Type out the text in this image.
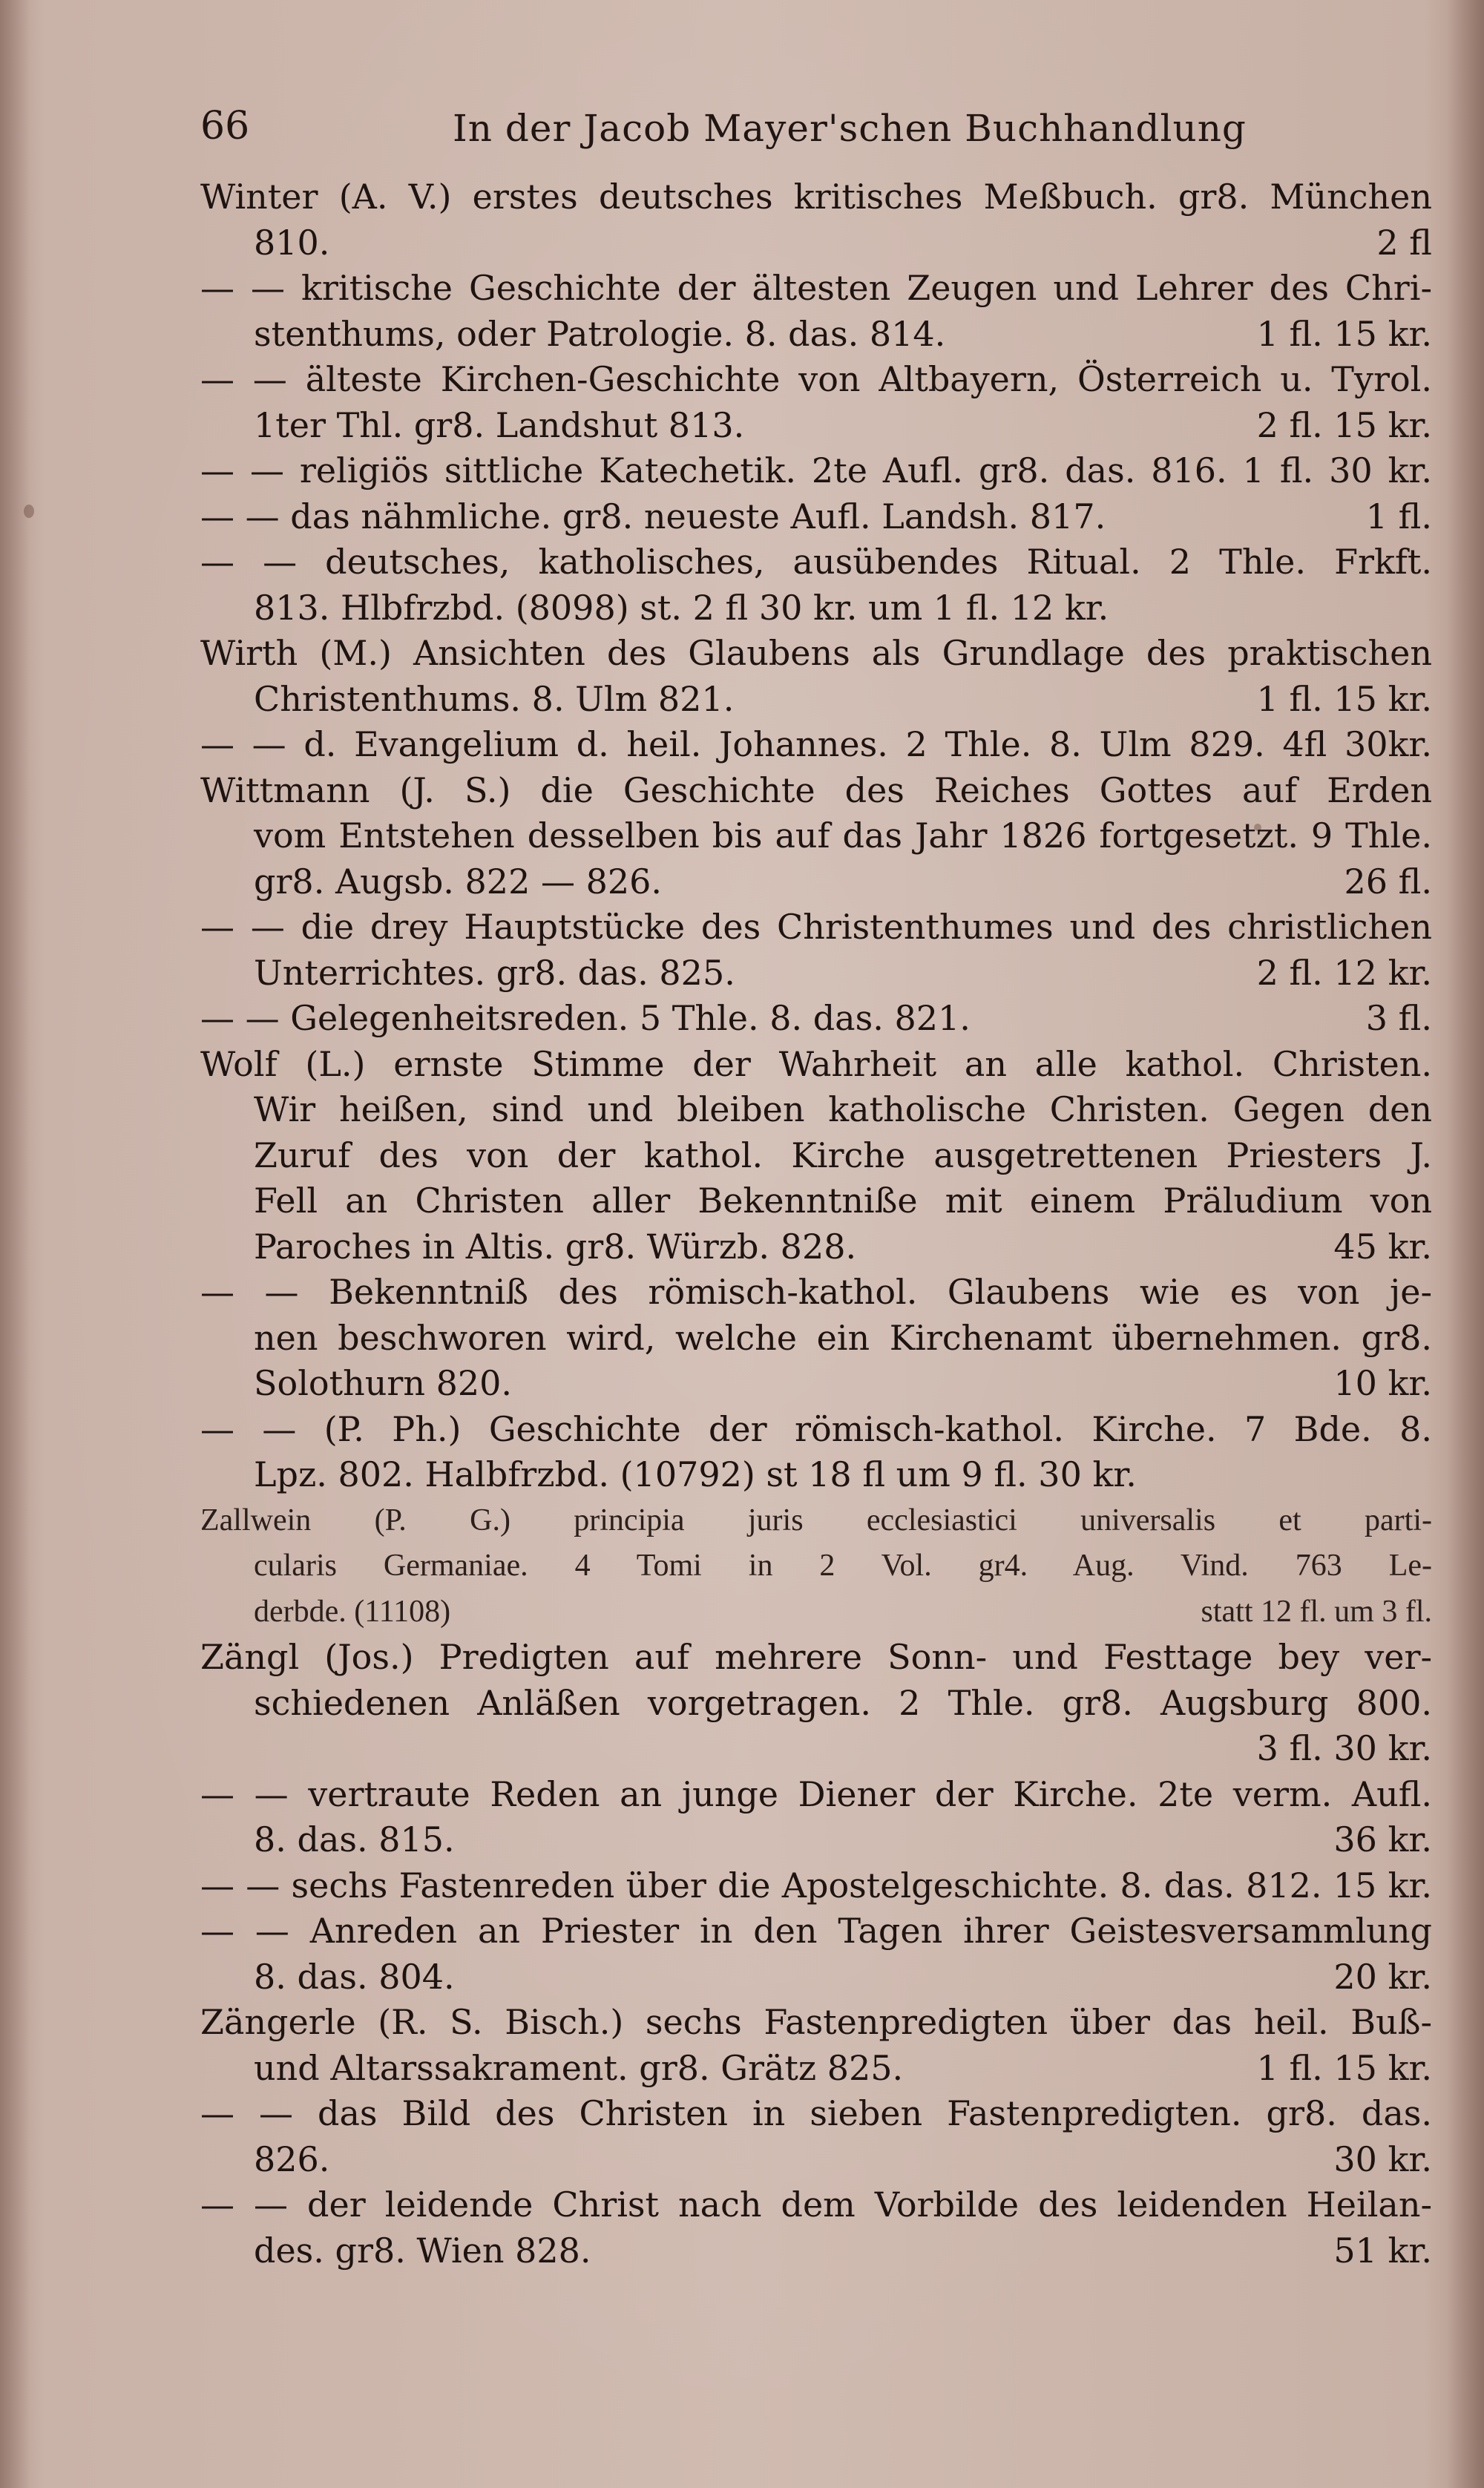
66	In der Jacob Mayer'schen Buchhandlung
Winter (A. V.) erstes deutsches kritisches Meßbuch. gr8. München
810.	2 fl
— — kritische Geschichte der ältesten Zeugen und Lehrer des Chri-
stenthums, oder Patrologie. 8. das. 814.	1 fl. 15 kr.
— — älteste Kirchen-Geschichte von Altbayern, Österreich u. Tyrol.
1ter Thl. gr8. Landshut 813.	2 fl. 15 kr.
— — religiös sittliche Katechetik. 2te Aufl. gr8. das. 816. 1 fl. 30 kr.
— — das nähmliche. gr8. neueste Aufl. Landsh. 817.	1 fl.
— — deutsches, katholisches, ausübendes Ritual. 2 Thle. Frkft.
813. Hlbfrzbd. (8098) st. 2 fl 30 kr. um 1 fl. 12 kr.
Wirth (M.) Ansichten des Glaubens als Grundlage des praktischen
Christenthums. 8. Ulm 821.	1 fl. 15 kr.
— — d. Evangelium d. heil. Johannes. 2 Thle. 8. Ulm 829. 4fl 30kr.
Wittmann (J. S.) die Geschichte des Reiches Gottes auf Erden
vom Entstehen desselben bis auf das Jahr 1826 fortgesetzt. 9 Thle.
gr8. Augsb. 822 — 826.	26 fl.
— — die drey Hauptstücke des Christenthumes und des christlichen
Unterrichtes. gr8. das. 825.	2 fl. 12 kr.
— — Gelegenheitsreden. 5 Thle. 8. das. 821.	3 fl.
Wolf (L.) ernste Stimme der Wahrheit an alle kathol. Christen.
Wir heißen, sind und bleiben katholische Christen. Gegen den
Zuruf des von der kathol. Kirche ausgetrettenen Priesters J.
Fell an Christen aller Bekenntniße mit einem Präludium von
Paroches in Altis. gr8. Würzb. 828.	45 kr.
— — Bekenntniß des römisch-kathol. Glaubens wie es von je-
nen beschworen wird, welche ein Kirchenamt übernehmen. gr8.
Solothurn 820.	10 kr.
— — (P. Ph.) Geschichte der römisch-kathol. Kirche. 7 Bde. 8.
Lpz. 802. Halbfrzbd. (10792) st 18 fl um 9 fl. 30 kr.
Zallwein (P. G.) principia juris ecclesiastici universalis et parti-
cularis Germaniae. 4 Tomi in 2 Vol. gr4. Aug. Vind. 763 Le-
derbde. (11108)	statt 12 fl. um 3 fl.
Zängl (Jos.) Predigten auf mehrere Sonn- und Festtage bey ver-
schiedenen Anläßen vorgetragen. 2 Thle. gr8. Augsburg 800.
3 fl. 30 kr.
— — vertraute Reden an junge Diener der Kirche. 2te verm. Aufl.
8. das. 815.	36 kr.
— — sechs Fastenreden über die Apostelgeschichte. 8. das. 812. 15 kr.
— — Anreden an Priester in den Tagen ihrer Geistesversammlung
8. das. 804.	20 kr.
Zängerle (R. S. Bisch.) sechs Fastenpredigten über das heil. Buß-
und Altarssakrament. gr8. Grätz 825.	1 fl. 15 kr.
— — das Bild des Christen in sieben Fastenpredigten. gr8. das.
826.	30 kr.
— — der leidende Christ nach dem Vorbilde des leidenden Heilan-
des. gr8. Wien 828.	51 kr.
